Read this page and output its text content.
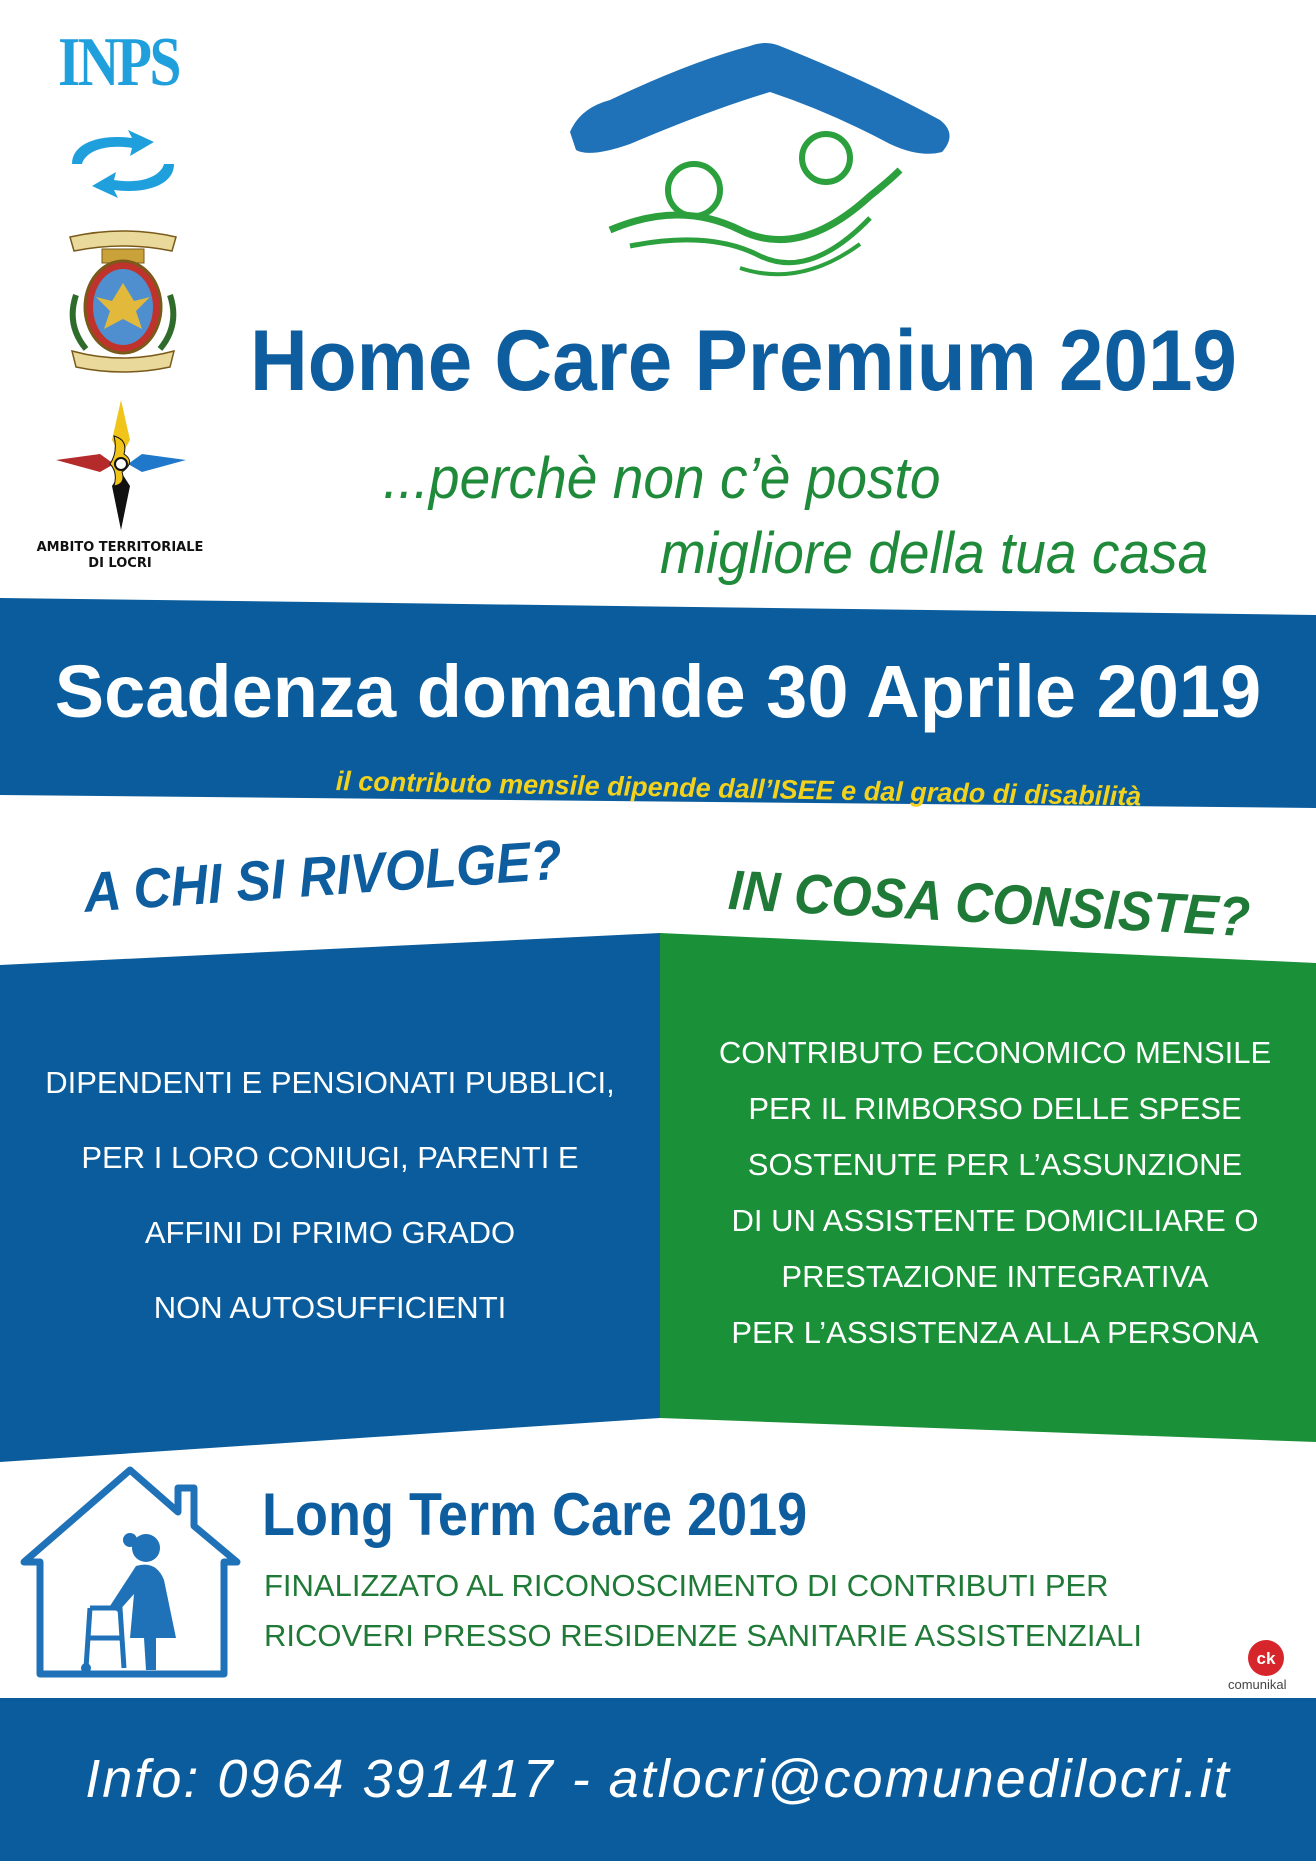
INPS
AMBITO TERRITORIALE
DI LOCRI
Home Care Premium 2019
...perchè non c’è posto
migliore della tua casa
Scadenza domande 30 Aprile 2019
il contributo mensile dipende dall’ISEE e dal grado di disabilità
A CHI SI RIVOLGE?	IN COSA CONSISTE?
DIPENDENTI E PENSIONATI PUBBLICI,
PER I LORO CONIUGI, PARENTI E
AFFINI DI PRIMO GRADO
NON AUTOSUFFICIENTI
CONTRIBUTO ECONOMICO MENSILE
PER IL RIMBORSO DELLE SPESE
SOSTENUTE PER L’ASSUNZIONE
DI UN ASSISTENTE DOMICILIARE O
PRESTAZIONE INTEGRATIVA
PER L’ASSISTENZA ALLA PERSONA
Long Term Care 2019
FINALIZZATO AL RICONOSCIMENTO DI CONTRIBUTI PER
RICOVERI PRESSO RESIDENZE SANITARIE ASSISTENZIALI
ck
comunikal
Info: 0964 391417 - atlocri@comunedilocri.it
